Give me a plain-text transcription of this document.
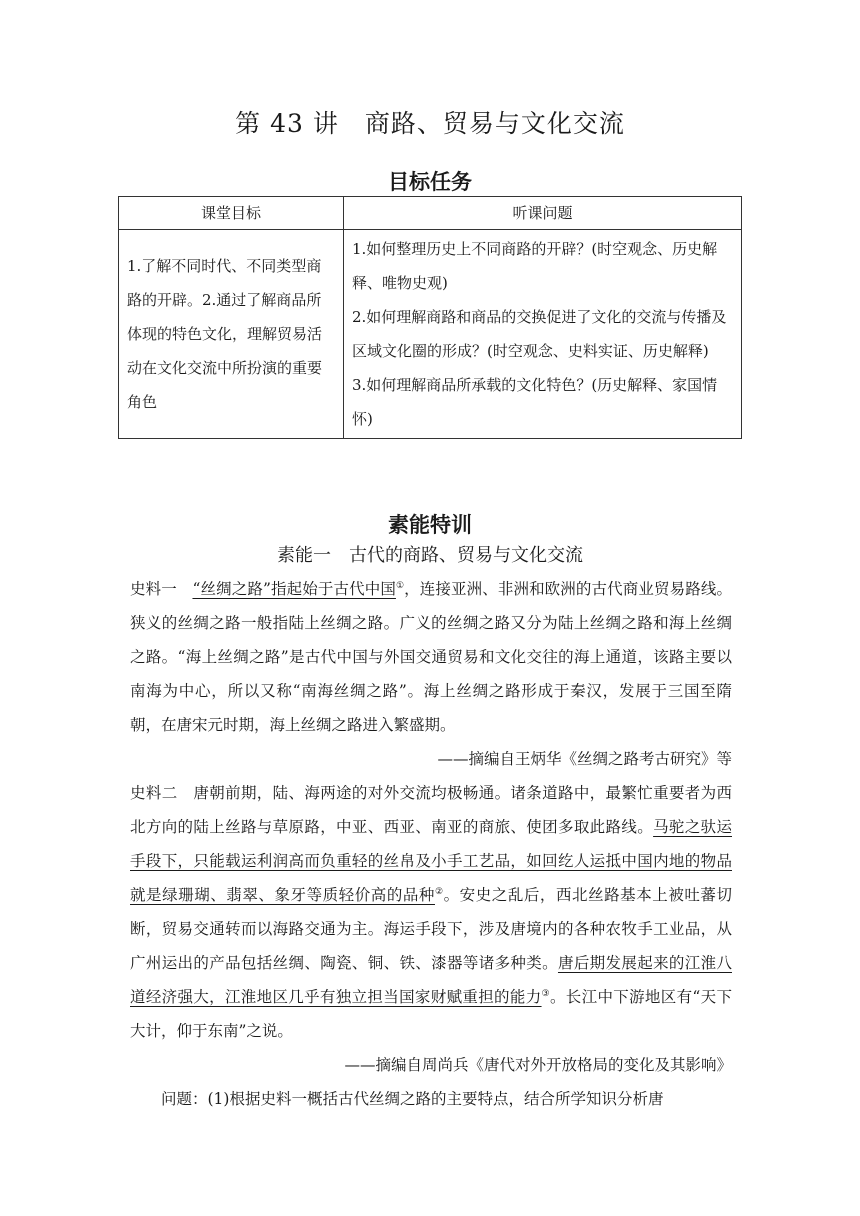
第 43 讲　商路、贸易与文化交流
目标任务
课堂目标	听课问题
1.了解不同时代、不同类型商路的开辟。2.通过了解商品所体现的特色文化，理解贸易活动在文化交流中所扮演的重要角色	1.如何整理历史上不同商路的开辟？(时空观念、历史解释、唯物史观)
2.如何理解商路和商品的交换促进了文化的交流与传播及区域文化圈的形成？(时空观念、史料实证、历史解释)
3.如何理解商品所承载的文化特色？(历史解释、家国情怀)
素能特训
素能一　古代的商路、贸易与文化交流

史料一　“丝绸之路”指起始于古代中国①，连接亚洲、非洲和欧洲的古代商业贸易路线。狭义的丝绸之路一般指陆上丝绸之路。广义的丝绸之路又分为陆上丝绸之路和海上丝绸之路。“海上丝绸之路”是古代中国与外国交通贸易和文化交往的海上通道，该路主要以南海为中心，所以又称“南海丝绸之路”。海上丝绸之路形成于秦汉，发展于三国至隋朝，在唐宋元时期，海上丝绸之路进入繁盛期。

——摘编自王炳华《丝绸之路考古研究》等

史料二　唐朝前期，陆、海两途的对外交流均极畅通。诸条道路中，最繁忙重要者为西北方向的陆上丝路与草原路，中亚、西亚、南亚的商旅、使团多取此路线。马驼之驮运手段下，只能载运利润高而负重轻的丝帛及小手工艺品，如回纥人运抵中国内地的物品就是绿珊瑚、翡翠、象牙等质轻价高的品种②。安史之乱后，西北丝路基本上被吐蕃切断，贸易交通转而以海路交通为主。海运手段下，涉及唐境内的各种农牧手工业品，从广州运出的产品包括丝绸、陶瓷、铜、铁、漆器等诸多种类。唐后期发展起来的江淮八道经济强大，江淮地区几乎有独立担当国家财赋重担的能力③。长江中下游地区有“天下大计，仰于东南”之说。

——摘编自周尚兵《唐代对外开放格局的变化及其影响》

问题：(1)根据史料一概括古代丝绸之路的主要特点，结合所学知识分析唐
